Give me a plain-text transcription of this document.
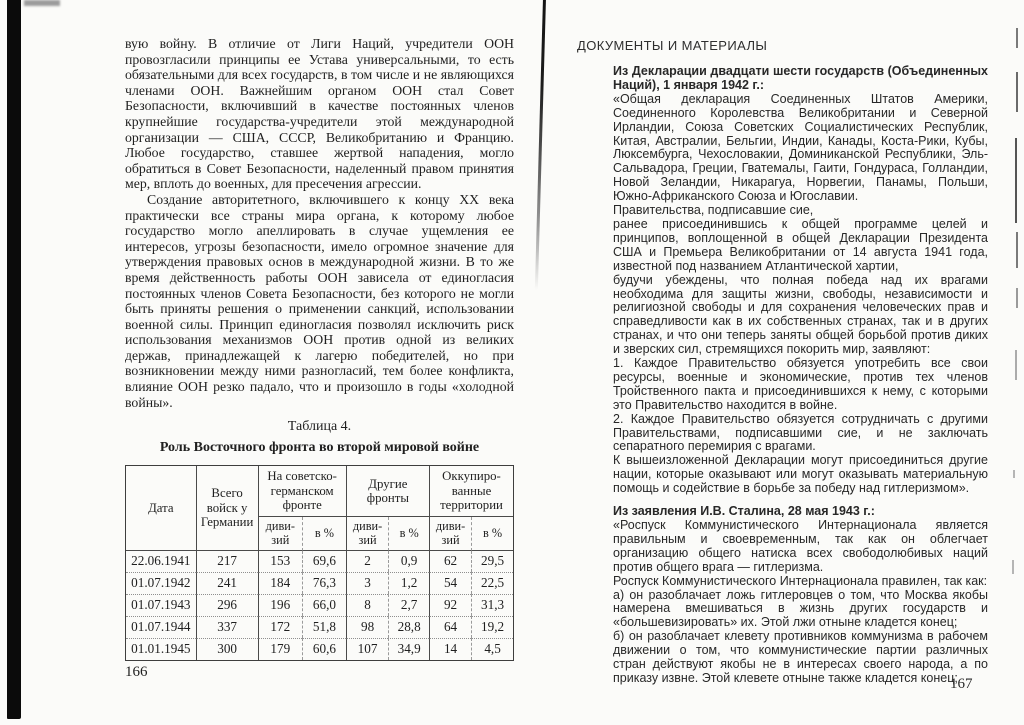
вую войну. В отличие от Лиги Наций, учредители ООН провозгласили принципы ее Устава универсальными, то есть обязательными для всех государств, в том числе и не являющихся членами ООН. Важнейшим органом ООН стал Совет Безопасности, включивший в качестве постоянных членов крупнейшие государства-учредители этой международной организации — США, СССР, Великобританию и Францию. Любое государство, ставшее жертвой нападения, могло обратиться в Совет Безопасности, наделенный правом принятия мер, вплоть до военных, для пресечения агрессии.

Создание авторитетного, включившего к концу XX века практически все страны мира органа, к которому любое государство могло апеллировать в случае ущемления ее интересов, угрозы безопасности, имело огромное значение для утверждения правовых основ в международной жизни. В то же время действенность работы ООН зависела от единогласия постоянных членов Совета Безопасности, без которого не могли быть приняты решения о применении санкций, использовании военной силы. Принцип единогласия позволял исключить риск использования механизмов ООН против одной из великих держав, принадлежащей к лагерю победителей, но при возникновении между ними разногласий, тем более конфликта, влияние ООН резко падало, что и произошло в годы «холодной войны».

Таблица 4.

Роль Восточного фронта во второй мировой войне

Дата	Всего войск у Германии	На советско-германском фронте		Другие фронты		Оккупиро-ванные территории	
		диви-зий	в %	диви-зий	в %	диви-зий	в %
22.06.1941	217	153	69,6	2	0,9	62	29,5
01.07.1942	241	184	76,3	3	1,2	54	22,5
01.07.1943	296	196	66,0	8	2,7	92	31,3
01.07.1944	337	172	51,8	98	28,8	64	19,2
01.01.1945	300	179	60,6	107	34,9	14	4,5
166
ДОКУМЕНТЫ И МАТЕРИАЛЫ

Из Декларации двадцати шести государств (Объединенных Наций), 1 января 1942 г.:

«Общая декларация Соединенных Штатов Америки, Соединенного Королевства Великобритании и Северной Ирландии, Союза Советских Социалистических Республик, Китая, Австралии, Бельгии, Индии, Канады, Коста-Рики, Кубы, Люксембурга, Чехословакии, Доминиканской Республики, Эль-Сальвадора, Греции, Гватемалы, Гаити, Гондураса, Голландии, Новой Зеландии, Никарагуа, Норвегии, Панамы, Польши, Южно-Африканского Союза и Югославии.

Правительства, подписавшие сие,

ранее присоединившись к общей программе целей и принципов, воплощенной в общей Декларации Президента США и Премьера Великобритании от 14 августа 1941 года, известной под названием Атлантической хартии,

будучи убеждены, что полная победа над их врагами необходима для защиты жизни, свободы, независимости и религиозной свободы и для сохранения человеческих прав и справедливости как в их собственных странах, так и в других странах, и что они теперь заняты общей борьбой против диких и зверских сил, стремящихся покорить мир, заявляют:

1. Каждое Правительство обязуется употребить все свои ресурсы, военные и экономические, против тех членов Тройственного пакта и присоединившихся к нему, с которыми это Правительство находится в войне.

2. Каждое Правительство обязуется сотрудничать с другими Правительствами, подписавшими сие, и не заключать сепаратного перемирия с врагами.

К вышеизложенной Декларации могут присоединиться другие нации, которые оказывают или могут оказывать материальную помощь и содействие в борьбе за победу над гитлеризмом».

Из заявления И.В. Сталина, 28 мая 1943 г.:

«Роспуск Коммунистического Интернационала является правильным и своевременным, так как он облегчает организацию общего натиска всех свободолюбивых наций против общего врага — гитлеризма.

Роспуск Коммунистического Интернационала правилен, так как:

а) он разоблачает ложь гитлеровцев о том, что Москва якобы намерена вмешиваться в жизнь других государств и «большевизировать» их. Этой лжи отныне кладется конец;

б) он разоблачает клевету противников коммунизма в рабочем движении о том, что коммунистические партии различных стран действуют якобы не в интересах своего народа, а по приказу извне. Этой клевете отныне также кладется конец;

167
